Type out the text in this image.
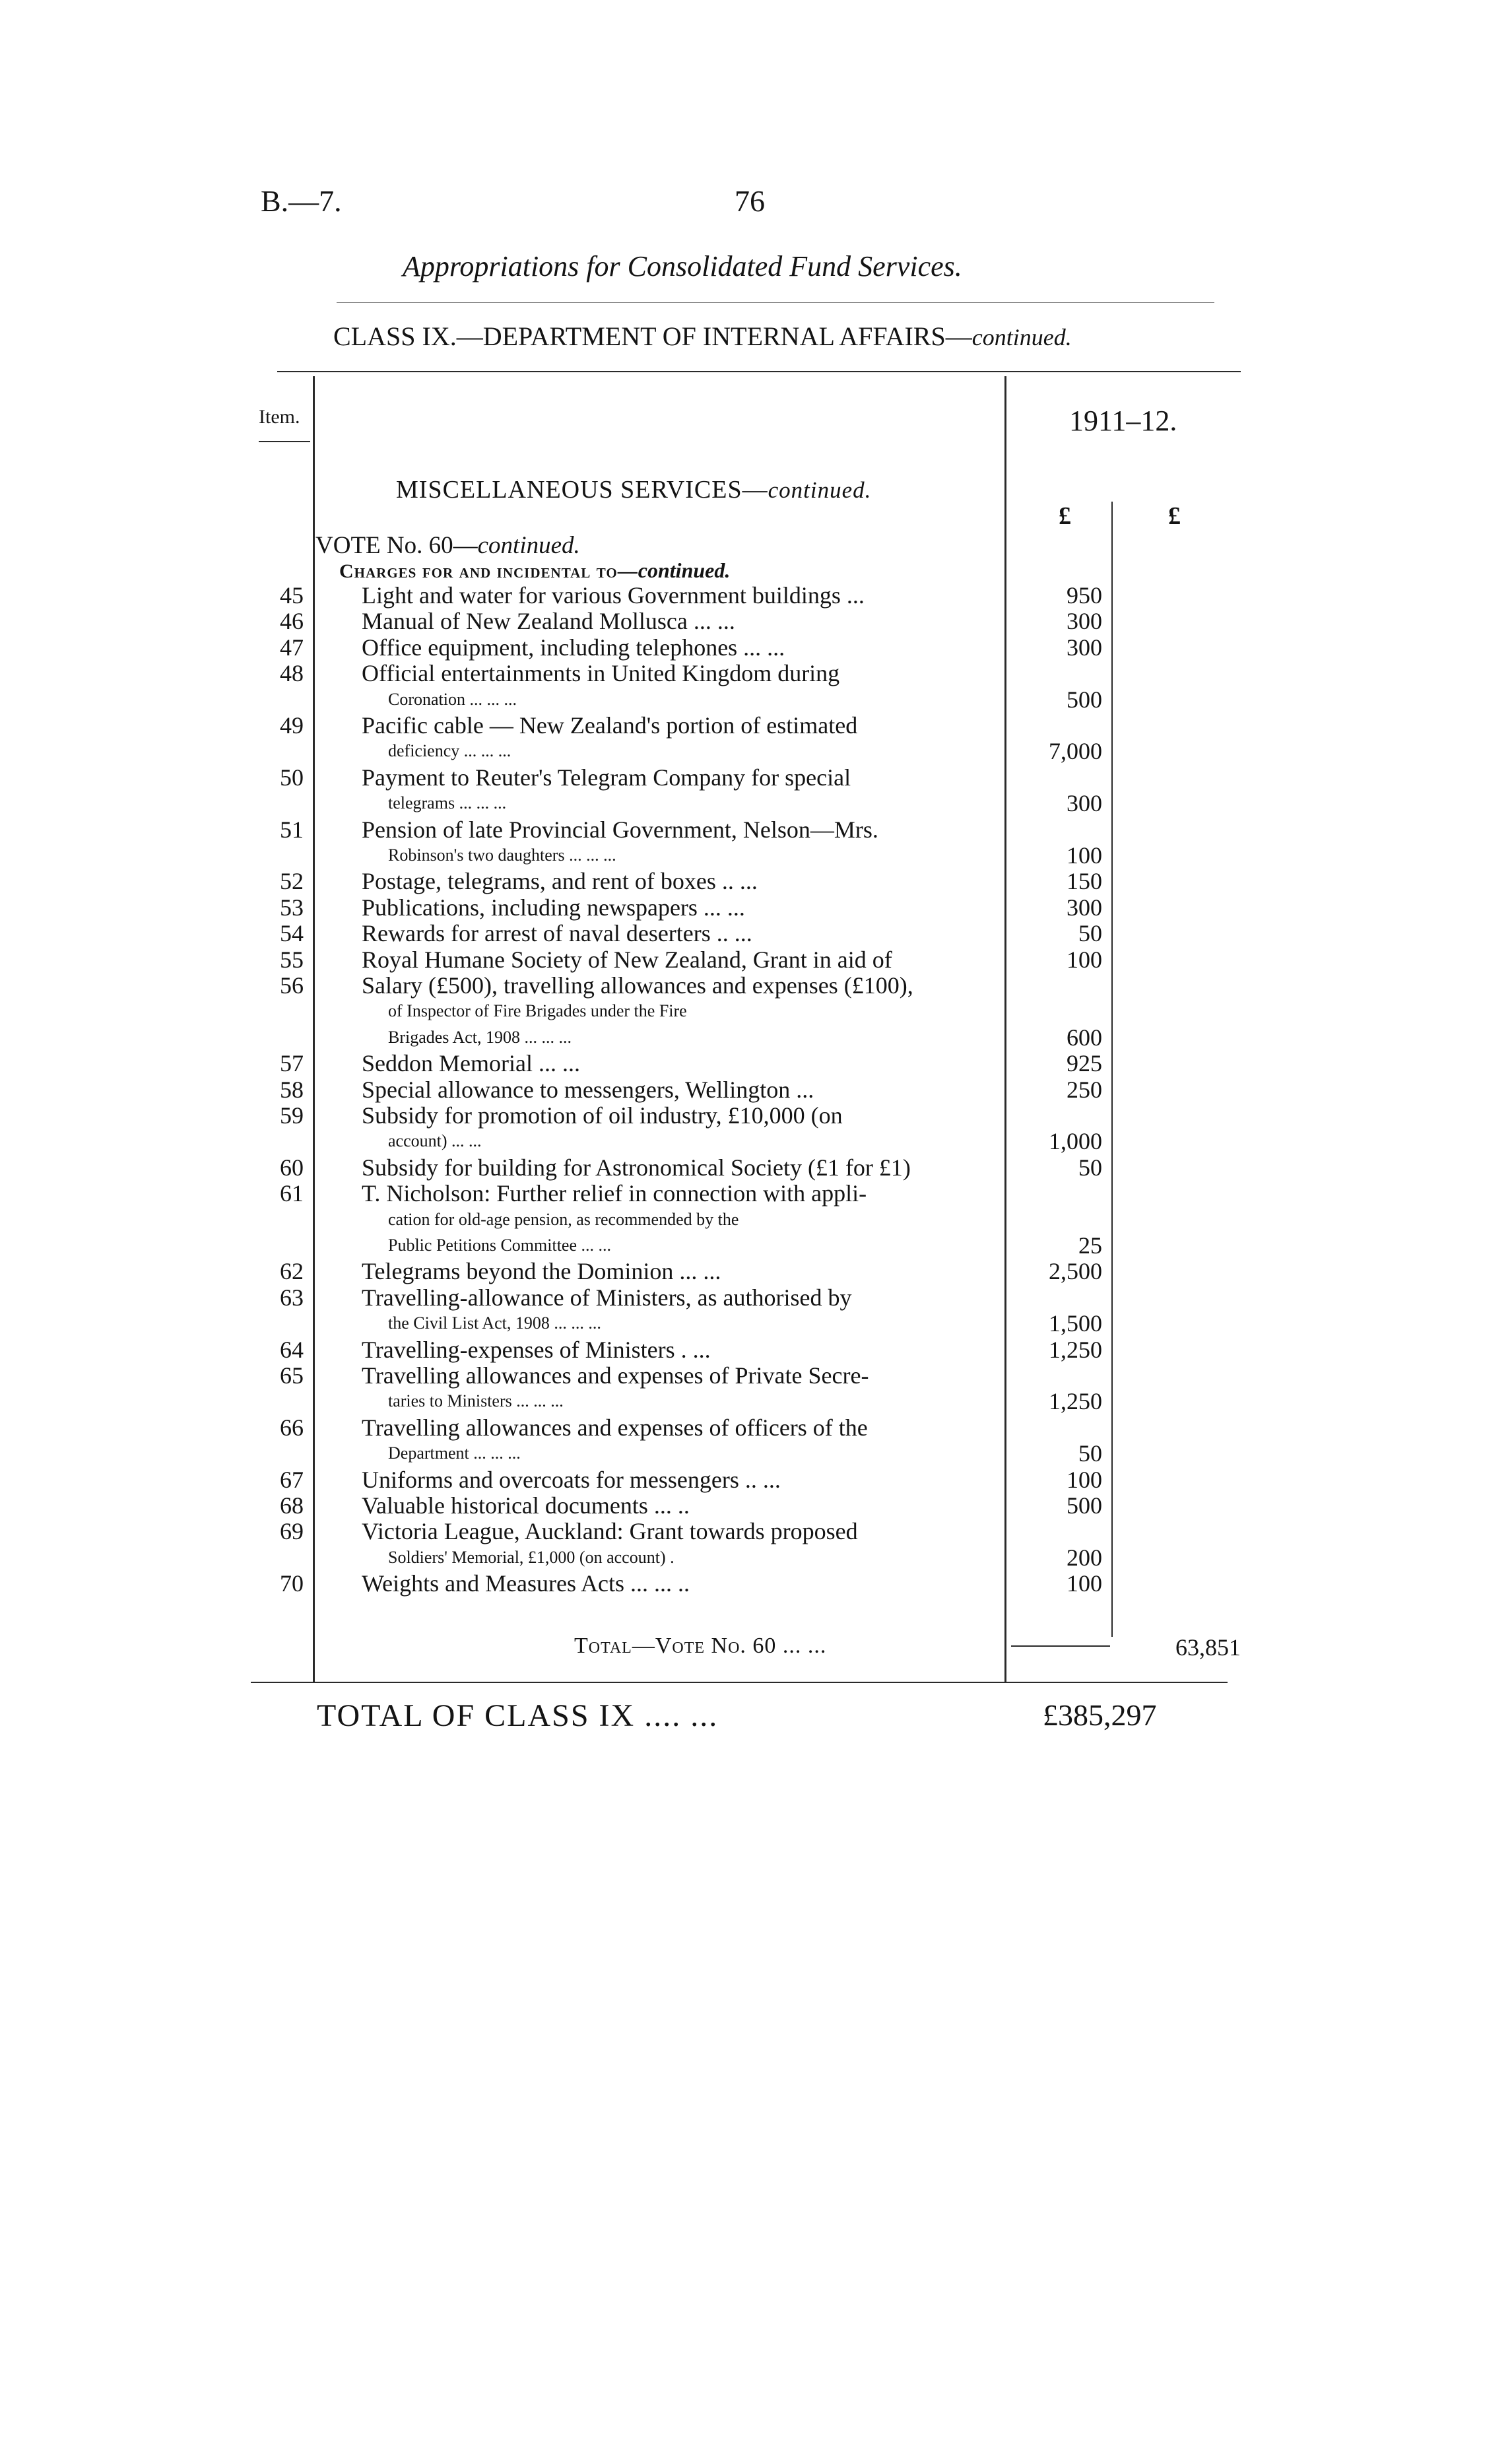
B.—7.	76
Appropriations for Consolidated Fund Services.
CLASS IX.—DEPARTMENT OF INTERNAL AFFAIRS—continued.
Item.	1911–12.
MISCELLANEOUS SERVICES—continued.
£	£
VOTE No. 60—continued.
Charges for and incidental to—continued.
45 Light and water for various Government buildings ...	950
46 Manual of New Zealand Mollusca ... ...	300
47 Office equipment, including telephones ... ...	300
48 Official entertainments in United Kingdom during
Coronation ... ... ...	500
49 Pacific cable — New Zealand's portion of estimated
deficiency ... ... ...	7,000
50 Payment to Reuter's Telegram Company for special
telegrams ... ... ...	300
51 Pension of late Provincial Government, Nelson—Mrs.
Robinson's two daughters ... ... ...	100
52 Postage, telegrams, and rent of boxes .. ...	150
53 Publications, including newspapers ... ...	300
54 Rewards for arrest of naval deserters .. ...	50
55 Royal Humane Society of New Zealand, Grant in aid of	100
56 Salary (£500), travelling allowances and expenses (£100),
of Inspector of Fire Brigades under the Fire
Brigades Act, 1908 ... ... ...	600
57 Seddon Memorial ... ...	925
58 Special allowance to messengers, Wellington ...	250
59 Subsidy for promotion of oil industry, £10,000 (on
account) ... ...	1,000
60 Subsidy for building for Astronomical Society (£1 for £1)	50
61 T. Nicholson: Further relief in connection with appli-
cation for old-age pension, as recommended by the
Public Petitions Committee ... ...	25
62 Telegrams beyond the Dominion ... ...	2,500
63 Travelling-allowance of Ministers, as authorised by
the Civil List Act, 1908 ... ... ...	1,500
64 Travelling-expenses of Ministers . ...	1,250
65 Travelling allowances and expenses of Private Secre-
taries to Ministers ... ... ...	1,250
66 Travelling allowances and expenses of officers of the
Department ... ... ...	50
67 Uniforms and overcoats for messengers .. ...	100
68 Valuable historical documents ... ..	500
69 Victoria League, Auckland: Grant towards proposed
Soldiers' Memorial, £1,000 (on account) .	200
70 Weights and Measures Acts ... ... ..	100
Total—Vote No. 60 ... ...	63,851
TOTAL OF CLASS IX .... ...	£385,297
